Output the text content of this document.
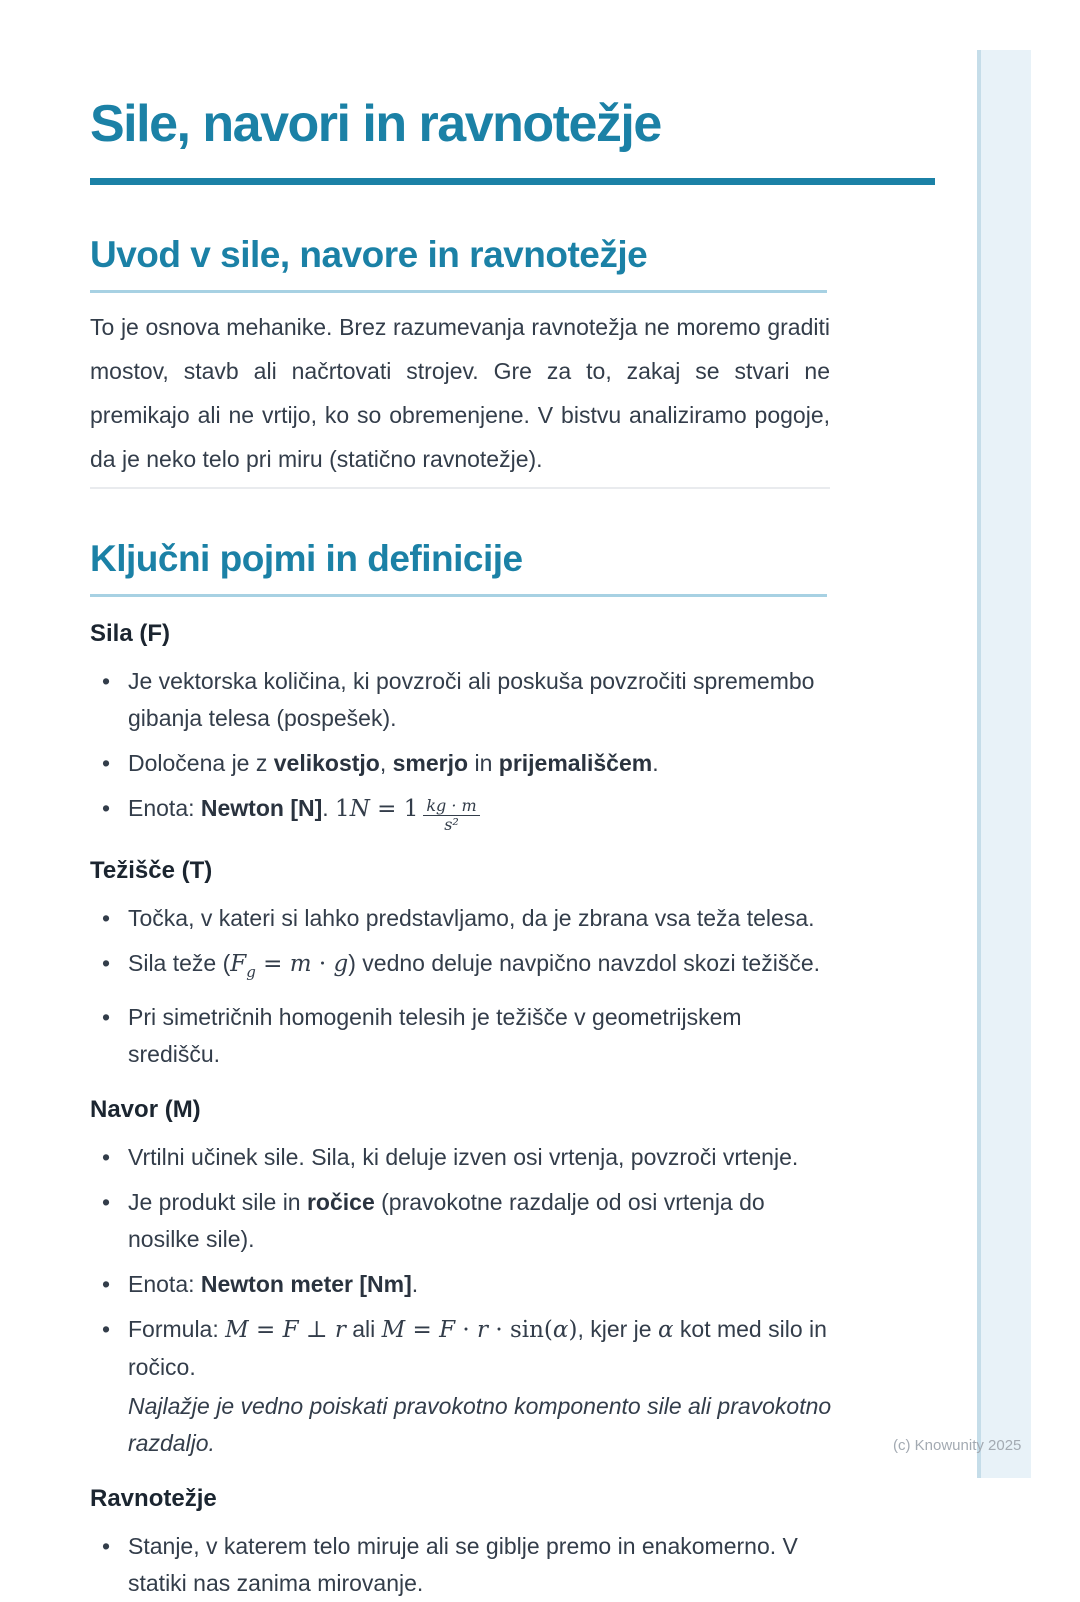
(c) Knowunity 2025
Sile, navori in ravnotežje
Uvod v sile, navore in ravnotežje

To je osnova mehanike. Brez razumevanja ravnotežja ne moremo graditi mostov, stavb ali načrtovati strojev. Gre za to, zakaj se stvari ne premikajo ali ne vrtijo, ko so obremenjene. V bistvu analiziramo pogoje, da je neko telo pri miru (statično ravnotežje).

Ključni pojmi in definicije
Sila (F)
• Je vektorska količina, ki povzroči ali poskuša povzročiti spremembo gibanja telesa (pospešek).
• Določena je z velikostjo, smerjo in prijemališčem.
• Enota: Newton [N]. $1N = 1 \frac{kg \cdot m}{\text{s²}}$
Težišče (T)
• Točka, v kateri si lahko predstavljamo, da je zbrana vsa teža telesa.
• Sila teže $(F_g = m \cdot g)$ vedno deluje navpično navzdol skozi težišče.
• Pri simetričnih homogenih telesih je težišče v geometrijskem središču.
Navor (M)
• Vrtilni učinek sile. Sila, ki deluje izven osi vrtenja, povzroči vrtenje.
• Je produkt sile in ročice (pravokotne razdalje od osi vrtenja do nosilke sile).
• Enota: Newton meter [Nm].
• Formula: M = F ⊥ r ali M = F · r · sin(α), kjer je α kot med silo in ročico.
Najlažje je vedno poiskati pravokotno komponento sile ali pravokotno razdaljo.
Ravnotežje
• Stanje, v katerem telo miruje ali se giblje premo in enakomerno. V statiki nas zanima mirovanje.
